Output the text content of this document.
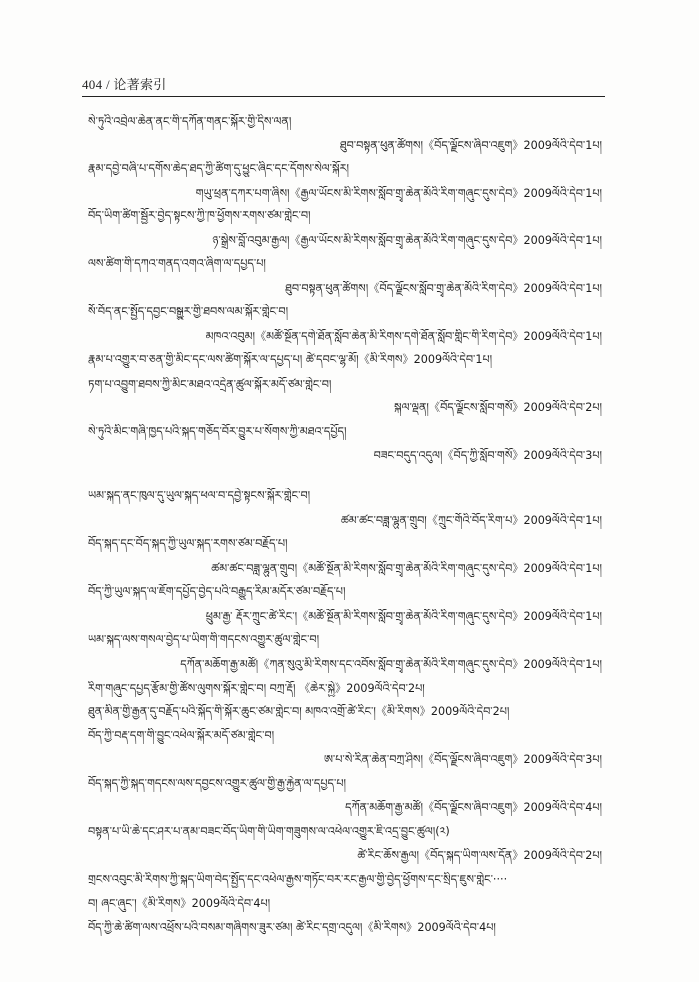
404 / 论著索引
སེ་ཏུའི་འབྲེལ་ཆེན་ནང་གི་དཀོན་གནང་སྐོར་གྱི་དིས་ལན།
ཐུབ་བསྟན་ཕུན་ཚོགས།《བོད་ལྗོངས་ཞིབ་འཇུག》2009ལོའི་དེབ་1པ།
རྣམ་དབྱེ་བཞི་པ་དགོས་ཆེད་ཐད་ཀྱི་ཚིག་དུ་ཕྱུང་ཞིང་དང་དོགས་སེལ་སྐོར།
གཡུ་ཕྲན་དཀར་པག་ཞིས།《རྒྱལ་ཡོངས་མི་རིགས་སློབ་གྲྭ་ཆེན་མོའི་རིག་གཞུང་དུས་དེབ》2009ལོའི་དེབ་1པ།
བོད་ཡིག་ཚིག་སྦྱོར་བྱེད་སྟངས་ཀྱི་ཁ་ཕྱོགས་རགས་ཙམ་གླེང་བ།
ཉ་སྒྲེས་བློ་འབུམ་རྒྱལ།《རྒྱལ་ཡོངས་མི་རིགས་སློབ་གྲྭ་ཆེན་མོའི་རིག་གཞུང་དུས་དེབ》2009ལོའི་དེབ་1པ།
ལས་ཚིག་གི་དཀའ་གནད་འགའ་ཞིག་ལ་དཔྱད་པ།
ཐུབ་བསྟན་ཕུན་ཚོགས།《བོད་ལྗོངས་སློབ་གྲྭ་ཆེན་མོའི་རིག་དེབ》2009ལོའི་དེབ་1པ།
སོ་བོད་ནང་སྤྱོད་དབྱང་བསྒྱུར་གྱི་ཐབས་ལམ་སྐོར་གླེང་བ།
མཁའ་འབུམ།《མཚོ་སྔོན་དགེ་ཐོན་སློབ་ཆེན་མི་རིགས་དགེ་ཐོན་སློབ་གླིང་གི་རིག་དེབ》2009ལོའི་དེབ་1པ།
རྣམ་པ་འགྱུར་བ་ཅན་གྱི་མིང་དང་ལས་ཚིག་སྐོར་ལ་དཔྱད་པ། ཚེ་དབང་ལྷ་མོ།《མི་རིགས》2009ལོའི་དེབ་1པ།
ཏག་པ་འབྱུག་ཐབས་ཀྱི་མིང་མཐའ་འདྲེན་ཚུལ་སྐོར་མདོ་ཙམ་གླེང་བ།
སྐལ་ལྡན།《བོད་ལྗོངས་སློབ་གསོ》2009ལོའི་དེབ་2པ།
སེ་ཏུའི་མིང་གཞི་ཁྱད་པའི་སྐད་གཅོད་བོར་བྱུར་པ་སོགས་ཀྱི་མཐའ་དཔྱོད།
བཟང་བདུད་འདུལ།《བོད་ཀྱི་སློབ་གསོ》2009ལོའི་དེབ་3པ།
ཡམ་སྐད་ནང་ཁུལ་དུ་ཡུལ་སྐད་ཕལ་བ་དབྱེ་སྟངས་སྐོར་གླེང་བ།
ཚམ་ཚང་བཟླ་ལྷུན་གྲུབ།《ཀྲུང་གོའི་བོད་རིག་པ》2009ལོའི་དེབ་1པ།
བོད་སྐད་དང་བོད་སྐད་ཀྱི་ཡུལ་སྐད་རགས་ཙམ་བརྗོད་པ།
ཚམ་ཚང་བཟླ་ལྷུན་གྲུབ།《མཚོ་སྔོན་མི་རིགས་སློབ་གྲྭ་ཆེན་མོའི་རིག་གཞུང་དུས་དེབ》2009ལོའི་དེབ་1པ།
བོད་ཀྱི་ཡུལ་སྐད་ལ་ཇོག་དཔྱོད་བྱེད་པའི་བརྒྱུད་རིམ་མདོར་ཙམ་བརྗོད་པ།
ཕྲུམ་རྒྱ་ རྡོར་ཀྲུང་ཚེ་རིང་།《མཚོ་སྔོན་མི་རིགས་སློབ་གྲྭ་ཆེན་མོའི་རིག་གཞུང་དུས་དེབ》2009ལོའི་དེབ་1པ།
ཡམ་སྐད་ལས་གསལ་བྱེད་པ་ཡིག་གི་གདངས་འགྱུར་ཚུལ་གླེང་བ།
དཀོན་མཆོག་རྒྱ་མཚོ།《ཀན་སུའུ་མི་རིགས་དང་འབོས་སློབ་གྲྭ་ཆེན་མོའི་རིག་གཞུང་དུས་དེབ》2009ལོའི་དེབ་1པ།
རིག་གཞུང་དཔྱད་རྩོམ་གྱི་ཚོས་ལུགས་སྐོར་གླེང་བ། བཀྲ་རྡོ། 《ཆེར་སྐྱེ》2009ལོའི་དེབ་2པ།
ཐུན་མིན་གྱི་རྒྱན་དུ་བརྗོད་པའི་སྐོད་གི་སྐོར་ཆུང་ཙམ་གླེང་བ། མཁའ་འགྲོ་ཚེ་རིང་།《མི་རིགས》2009ལོའི་དེབ་2པ།
བོད་ཀྱི་བརྡ་དག་གི་བྱུང་འཕེལ་སྐོར་མདོ་ཙམ་གླེང་བ།
ཨ་པ་སེ་རིན་ཆེན་བཀྲ་ཤིས།《བོད་ལྗོངས་ཞིབ་འཇུག》2009ལོའི་དེབ་3པ།
བོད་སྐད་ཀྱི་སྐད་གདངས་ལས་དབྱངས་འགྱུར་ཚུལ་གྱི་རྒྱ་རྐྱེན་ལ་དཔྱད་པ།
དཀོན་མཆོག་རྒྱ་མཚོ།《བོད་ལྗོངས་ཞིབ་འཇུག》2009ལོའི་དེབ་4པ།
བསྟན་པ་ཡི་ཆེ་དང་ཤར་པ་ནམ་བཟང་བོད་ཡིག་གི་ཡིག་གཟུགས་ལ་འཕེལ་འགྱུར་ཇི་འདྲ་བྱུང་ཚུལ།(༢)
ཚེ་རིང་ཆོས་རྒྱལ།《བོད་སྐད་ཡིག་ལས་དོན》2009ལོའི་དེབ་2པ།
གྲངས་འབུང་མི་རིགས་ཀྱི་སྐད་ཡིག་བེད་སྤྱོད་དང་འཕེལ་རྒྱས་གཏོང་བར་རང་རྒྱལ་གྱི་བྱེད་ཕྱོགས་དང་སྲིད་ཇུས་གླེང་····
བ། ཞང་ཞུང་།《མི་རིགས》2009ལོའི་དེབ་4པ།
བོད་ཀྱི་ཆེ་ཚིག་ལས་འཕྲོས་པའི་བསམ་གཞིགས་ཟུར་ཙམ། ཚེ་རིང་དགྲ་འདུལ།《མི་རིགས》2009ལོའི་དེབ་4པ།
